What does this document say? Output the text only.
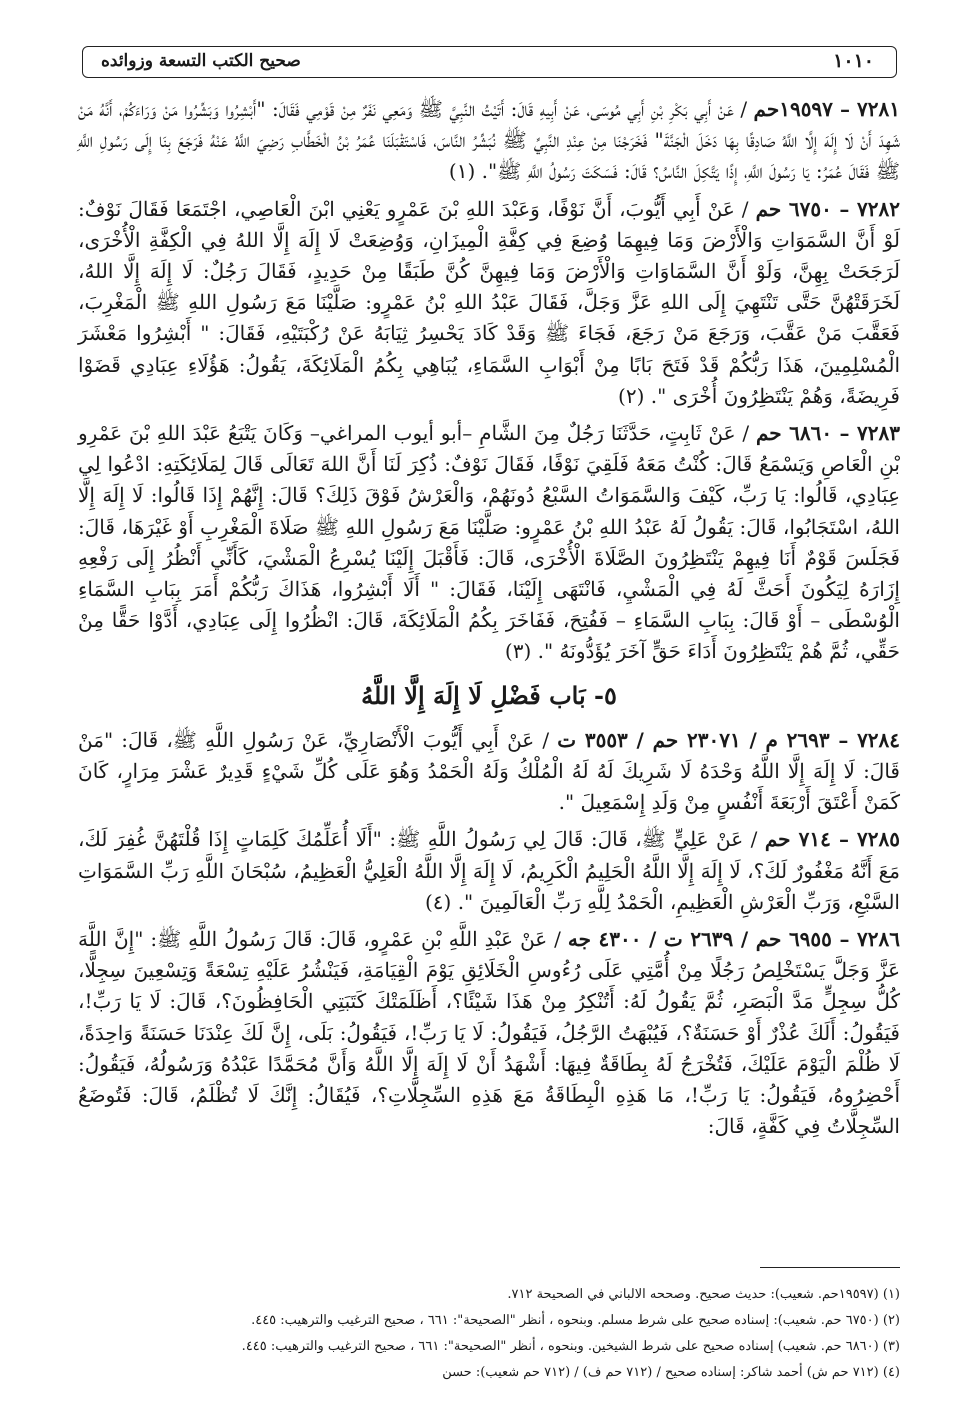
١٠١٠
صحيح الكتب التسعة وزوائده

٧٢٨١ – ١٩٥٩٧حم / عَنْ أَبِي بَكْرِ بْنِ أَبِي مُوسَى، عَنْ أَبِيهِ قَالَ: أَتَيْتُ النَّبِيَّ ﷺ وَمَعِي نَفَرٌ مِنْ قَوْمِي فَقَالَ: "أَبْشِرُوا وَبَشِّرُوا مَنْ وَرَاءَكُمْ، أَنَّهُ مَنْ شَهِدَ أَنْ لَا إِلَهَ إِلَّا اللَّهُ صَادِقًا بِهَا دَخَلَ الْجَنَّةَ" فَخَرَجْنَا مِنْ عِنْدِ النَّبِيِّ ﷺ نُبَشِّرُ النَّاسَ، فَاسْتَقْبَلَنَا عُمَرُ بْنُ الْخَطَّابِ رَضِيَ اللَّهُ عَنْهُ فَرَجَعَ بِنَا إِلَى رَسُولِ اللَّهِ ﷺ فَقَالَ عُمَرُ: يَا رَسُولَ اللَّهِ، إِذًا يَتَّكِلَ النَّاسُ؟ قَالَ: فَسَكَتَ رَسُولُ اللَّهِ ﷺ". (١)

٧٢٨٢ – ٦٧٥٠ حم / عَنْ أَبِي أَيُّوبَ، أَنَّ نَوْفًا، وَعَبْدَ اللهِ بْنَ عَمْرٍو يَعْنِي ابْنَ الْعَاصِي، اجْتَمَعَا فَقَالَ نَوْفٌ: لَوْ أَنَّ السَّمَوَاتِ وَالْأَرْضَ وَمَا فِيهِمَا وُضِعَ فِي كِفَّةِ الْمِيزَانِ، وَوُضِعَتْ لَا إِلَهَ إِلَّا اللهُ فِي الْكِفَّةِ الْأُخْرَى، لَرَجَحَتْ بِهِنَّ، وَلَوْ أَنَّ السَّمَاوَاتِ وَالْأَرْضَ وَمَا فِيهِنَّ كُنَّ طَبَقًا مِنْ حَدِيدٍ، فَقَالَ رَجُلٌ: لَا إِلَهَ إِلَّا اللهُ، لَخَرَقَتْهُنَّ حَتَّى تَنْتَهِيَ إِلَى اللهِ عَزَّ وَجَلَّ، فَقَالَ عَبْدُ اللهِ بْنُ عَمْرٍو: صَلَّيْنَا مَعَ رَسُولِ اللهِ ﷺ الْمَغْرِبَ، فَعَقَّبَ مَنْ عَقَّبَ، وَرَجَعَ مَنْ رَجَعَ، فَجَاءَ ﷺ وَقَدْ كَادَ يَحْسِرُ ثِيَابَهُ عَنْ رُكْبَتَيْهِ، فَقَالَ: " أَبْشِرُوا مَعْشَرَ الْمُسْلِمِينَ، هَذَا رَبُّكُمْ قَدْ فَتَحَ بَابًا مِنْ أَبْوَابِ السَّمَاءِ، يُبَاهِي بِكُمُ الْمَلَائِكَةَ، يَقُولُ: هَؤُلَاءِ عِبَادِي قَضَوْا فَرِيضَةً، وَهُمْ يَنْتَظِرُونَ أُخْرَى ". (٢)

٧٢٨٣ – ٦٨٦٠ حم / عَنْ ثَابِتٍ، حَدَّثَنَا رَجُلٌ مِنَ الشَّامِ –أبو أيوب المراغي– وَكَانَ يَتْبَعُ عَبْدَ اللهِ بْنَ عَمْرِو بْنِ الْعَاصِ وَيَسْمَعُ قَالَ: كُنْتُ مَعَهُ فَلَقِيَ نَوْفًا، فَقَالَ نَوْفٌ: ذُكِرَ لَنَا أَنَّ اللهَ تَعَالَى قَالَ لِمَلَائِكَتِهِ: ادْعُوا لِي عِبَادِي، قَالُوا: يَا رَبِّ، كَيْفَ وَالسَّمَوَاتُ السَّبْعُ دُونَهُمْ، وَالْعَرْشُ فَوْقَ ذَلِكَ؟ قَالَ: إِنَّهُمْ إِذَا قَالُوا: لَا إِلَهَ إِلَّا اللهُ، اسْتَجَابُوا، قَالَ: يَقُولُ لَهُ عَبْدُ اللهِ بْنُ عَمْرٍو: صَلَّيْنَا مَعَ رَسُولِ اللهِ ﷺ صَلَاةَ الْمَغْرِبِ أَوْ غَيْرَهَا، قَالَ: فَجَلَسَ قَوْمٌ أَنَا فِيهِمْ يَنْتَظِرُونَ الصَّلَاةَ الْأُخْرَى، قَالَ: فَأَقْبَلَ إِلَيْنَا يُسْرِعُ الْمَشْيَ، كَأَنِّي أَنْظُرُ إِلَى رَفْعِهِ إِزَارَهُ لِيَكُونَ أَحَثَّ لَهُ فِي الْمَشْيِ، فَانْتَهَى إِلَيْنَا، فَقَالَ: " أَلَا أَبْشِرُوا، هَذَاكَ رَبُّكُمْ أَمَرَ بِبَابِ السَّمَاءِ الْوُسْطَى – أَوْ قَالَ: بِبَابِ السَّمَاءِ – فَفُتِحَ، فَفَاخَرَ بِكُمُ الْمَلَائِكَةَ، قَالَ: انْظُرُوا إِلَى عِبَادِي، أَدَّوْا حَقًّا مِنْ حَقِّي، ثُمَّ هُمْ يَنْتَظِرُونَ أَدَاءَ حَقٍّ آخَرَ يُؤَدُّونَهُ ". (٣)

٥- بَاب فَضْلِ لَا إِلَهَ إِلَّا اللَّهُ

٧٢٨٤ – ٢٦٩٣ م / ٢٣٠٧١ حم / ٣٥٥٣ ت / عَنْ أَبِي أَيُّوبَ الْأَنْصَارِيِّ، عَنْ رَسُولِ اللَّهِ ﷺ، قَالَ: "مَنْ قَالَ: لَا إِلَهَ إِلَّا اللَّهُ وَحْدَهُ لَا شَرِيكَ لَهُ لَهُ الْمُلْكُ وَلَهُ الْحَمْدُ وَهُوَ عَلَى كُلِّ شَيْءٍ قَدِيرٌ عَشْرَ مِرَارٍ، كَانَ كَمَنْ أَعْتَقَ أَرْبَعَةَ أَنْفُسٍ مِنْ وَلَدِ إِسْمَعِيلَ ".

٧٢٨٥ – ٧١٤ حم / عَنْ عَلِيٍّ ﷺ، قَالَ: قَالَ لِي رَسُولُ اللَّهِ ﷺ: "أَلَا أُعَلِّمُكَ كَلِمَاتٍ إِذَا قُلْتَهُنَّ غُفِرَ لَكَ، مَعَ أَنَّهُ مَغْفُورٌ لَكَ؟، لَا إِلَهَ إِلَّا اللَّهُ الْحَلِيمُ الْكَرِيمُ، لَا إِلَهَ إِلَّا اللَّهُ الْعَلِيُّ الْعَظِيمُ، سُبْحَانَ اللَّهِ رَبِّ السَّمَوَاتِ السَّبْعِ، وَرَبِّ الْعَرْشِ الْعَظِيمِ، الْحَمْدُ لِلَّهِ رَبِّ الْعَالَمِينَ ". (٤)

٧٢٨٦ – ٦٩٥٥ حم / ٢٦٣٩ ت / ٤٣٠٠ جه / عَنْ عَبْدِ اللَّهِ بْنِ عَمْرٍو، قَالَ: قَالَ رَسُولُ اللَّهِ ﷺ: "إِنَّ اللَّهَ عَزَّ وَجَلَّ يَسْتَخْلِصُ رَجُلًا مِنْ أُمَّتِي عَلَى رُءُوسِ الْخَلَائِقِ يَوْمَ الْقِيَامَةِ، فَيَنْشُرُ عَلَيْهِ تِسْعَةً وَتِسْعِينَ سِجِلًّا، كُلُّ سِجِلٍّ مَدَّ الْبَصَرِ، ثُمَّ يَقُولُ لَهُ: أَتُنْكِرُ مِنْ هَذَا شَيْئًا؟، أَظَلَمَتْكَ كَتَبَتِي الْحَافِظُونَ؟، قَالَ: لَا يَا رَبِّ!، فَيَقُولُ: أَلَكَ عُذْرٌ أَوْ حَسَنَةٌ؟، فَيُبْهَتُ الرَّجُلُ، فَيَقُولُ: لَا يَا رَبِّ!، فَيَقُولُ: بَلَى، إِنَّ لَكَ عِنْدَنَا حَسَنَةً وَاحِدَةً، لَا ظُلْمَ الْيَوْمَ عَلَيْكَ، فَتُخْرَجُ لَهُ بِطَاقَةٌ فِيهَا: أَشْهَدُ أَنْ لَا إِلَهَ إِلَّا اللَّهُ وَأَنَّ مُحَمَّدًا عَبْدُهُ وَرَسُولُهُ، فَيَقُولُ: أَحْضِرُوهُ، فَيَقُولُ: يَا رَبِّ!، مَا هَذِهِ الْبِطَاقَةُ مَعَ هَذِهِ السِّجِلَّاتِ؟، فَيُقَالُ: إِنَّكَ لَا تُظْلَمُ، قَالَ: فَتُوضَعُ السِّجِلَّاتُ فِي كَفَّةٍ، قَالَ:

(١) (١٩٥٩٧حم. شعيب): حديث صحيح. وصححه الالباني في الصحيحة ٧١٢.
(٢) (٦٧٥٠ حم. شعيب): إسناده صحيح على شرط مسلم. وبنحوه ، أنظر "الصحيحة": ٦٦١ ، صحيح الترغيب والترهيب: ٤٤٥.
(٣) (٦٨٦٠ حم. شعيب) إسناده صحيح على شرط الشيخين. وبنحوه ، أنظر "الصحيحة": ٦٦١ ، صحيح الترغيب والترهيب: ٤٤٥.
(٤) (٧١٢ حم ش) أحمد شاكر: إسناده صحيح / (٧١٢ حم ف) / (٧١٢ حم شعيب): حسن
